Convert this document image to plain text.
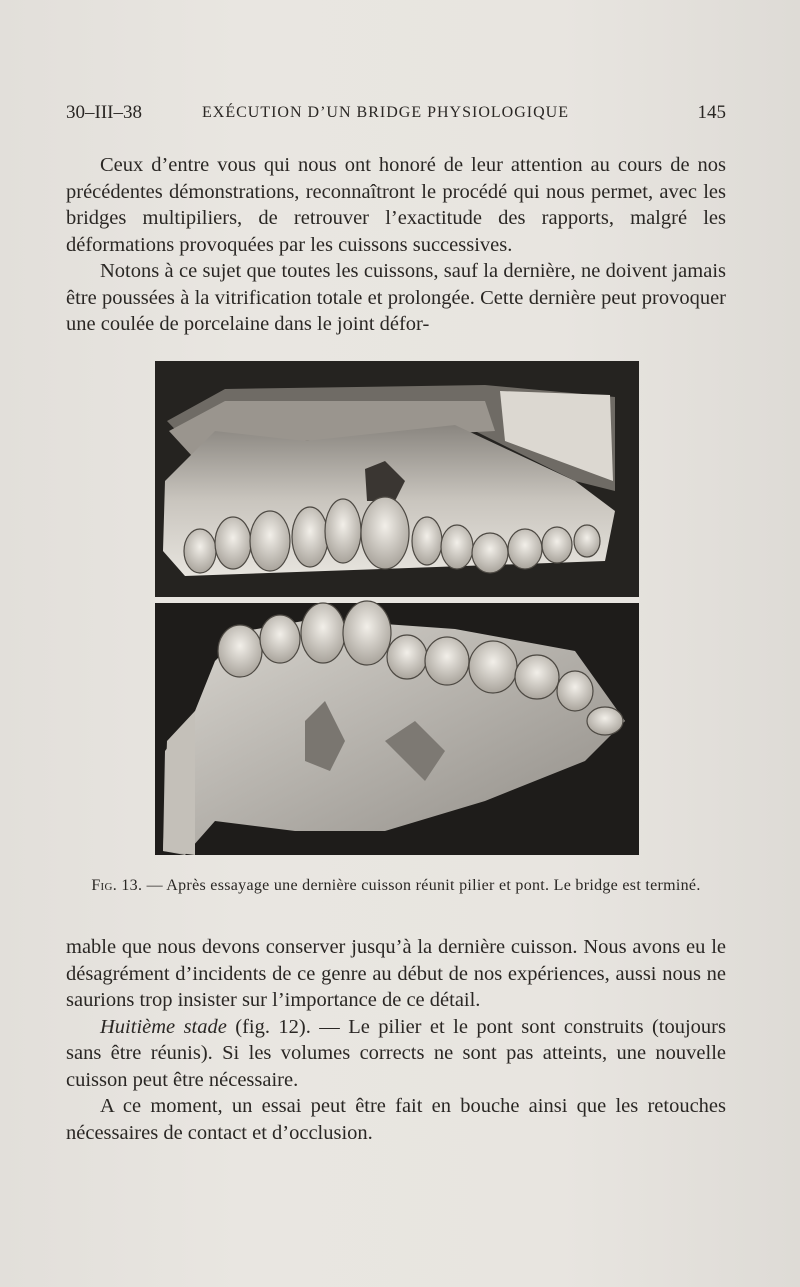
30–III–38	EXÉCUTION D’UN BRIDGE PHYSIOLOGIQUE	145

Ceux d’entre vous qui nous ont honoré de leur attention au cours de nos précédentes démonstrations, reconnaîtront le procédé qui nous permet, avec les bridges multipiliers, de retrouver l’exactitude des rapports, malgré les déformations provoquées par les cuissons successives.

Notons à ce sujet que toutes les cuissons, sauf la dernière, ne doivent jamais être poussées à la vitrification totale et prolongée. Cette dernière peut provoquer une coulée de porcelaine dans le joint défor-

Fig. 13. — Après essayage une dernière cuisson réunit pilier et pont. Le bridge est terminé.

mable que nous devons conserver jusqu’à la dernière cuisson. Nous avons eu le désagrément d’incidents de ce genre au début de nos expériences, aussi nous ne saurions trop insister sur l’importance de ce détail.

Huitième stade (fig. 12). — Le pilier et le pont sont construits (toujours sans être réunis). Si les volumes corrects ne sont pas atteints, une nouvelle cuisson peut être nécessaire.

A ce moment, un essai peut être fait en bouche ainsi que les retouches nécessaires de contact et d’occlusion.
